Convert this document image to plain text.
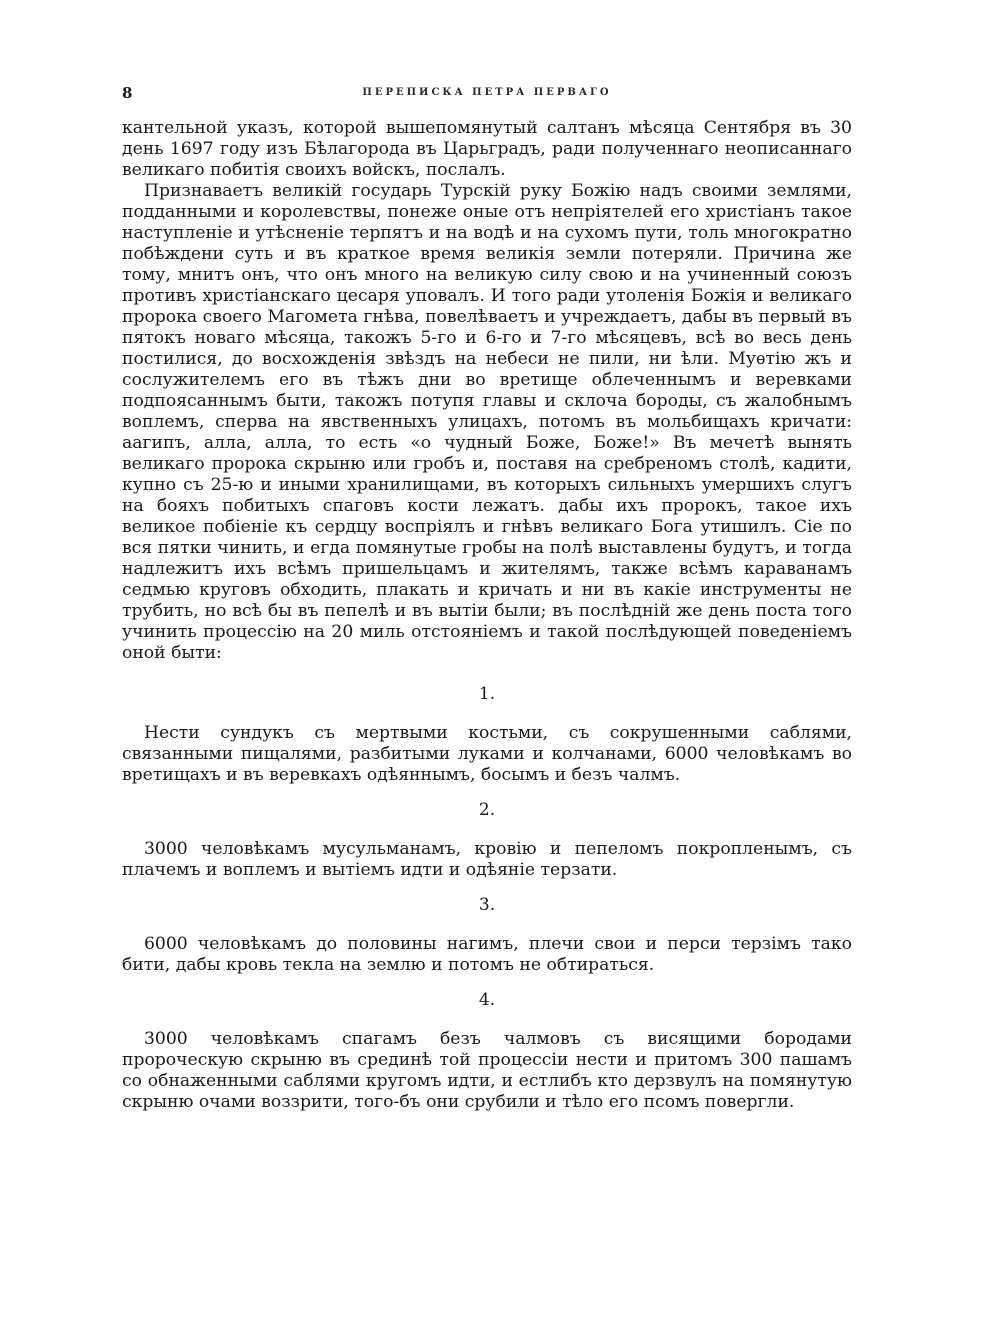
8	ПЕРЕПИСКА ПЕТРА ПЕРВАГО

кантельной указъ, которой вышепомянутый салтанъ мѣсяца Сентября въ 30 день 1697 году изъ Бѣлагорода въ Царьградъ, ради полученнаго неописаннаго великаго побитія своихъ войскъ, послалъ.

Признаваетъ великій государь Турскій руку Божію надъ своими землями, подданными и королевствы, понеже оные отъ непріятелей его христіанъ такое наступленіе и утѣсненіе терпятъ и на водѣ и на сухомъ пути, толь многократно побѣждени суть и въ краткое время великія земли потеряли. Причина же тому, мнитъ онъ, что онъ много на великую силу свою и на учиненный союзъ противъ христіанскаго цесаря уповалъ. И того ради утоленія Божія и великаго пророка своего Магомета гнѣва, повелѣваетъ и учреждаетъ, дабы въ первый въ пятокъ новаго мѣсяца, такожъ 5-го и 6-го и 7-го мѣсяцевъ, всѣ во весь день постилися, до восхожденія звѣздъ на небеси не пили, ни ѣли. Муѳтію жъ и сослужителемъ его въ тѣжъ дни во вретище облеченнымъ и веревками подпоясаннымъ быти, такожъ потупя главы и склоча бороды, съ жалобнымъ воплемъ, сперва на явственныхъ улицахъ, потомъ въ мольбищахъ кричати: аагипъ, алла, алла, то есть «о чудный Боже, Боже!» Въ мечетѣ вынять великаго пророка скрыню или гробъ и, поставя на сребреномъ столѣ, кадити, купно съ 25-ю и иными хранилищами, въ которыхъ сильныхъ умершихъ слугъ на бояхъ побитыхъ спаговъ кости лежатъ. дабы ихъ пророкъ, такое ихъ великое побіеніе къ сердцу воспріялъ и гнѣвъ великаго Бога утишилъ. Сіе по вся пятки чинить, и егда помянутые гробы на полѣ выставлены будутъ, и тогда надлежитъ ихъ всѣмъ пришельцамъ и жителямъ, также всѣмъ караванамъ седмью круговъ обходить, плакать и кричать и ни въ какіе инструменты не трубить, но всѣ бы въ пепелѣ и въ вытіи были; въ послѣдній же день поста того учинить процессію на 20 миль отстояніемъ и такой послѣдующей поведеніемъ оной быти:

1.

Нести сундукъ съ мертвыми костьми, съ сокрушенными саблями, связанными пищалями, разбитыми луками и колчанами, 6000 человѣкамъ во вретищахъ и въ веревкахъ одѣяннымъ, босымъ и безъ чалмъ.

2.

3000 человѣкамъ мусульманамъ, кровію и пепеломъ покропленымъ, съ плачемъ и воплемъ и вытіемъ идти и одѣяніе терзати.

3.

6000 человѣкамъ до половины нагимъ, плечи свои и перси терзімъ тако бити, дабы кровь текла на землю и потомъ не обтираться.

4.

3000 человѣкамъ спагамъ безъ чалмовъ съ висящими бородами пророческую скрыню въ срединѣ той процессіи нести и притомъ 300 пашамъ со обнаженными саблями кругомъ идти, и естлибъ кто дерзвулъ на помянутую скрыню очами воззрити, того-бъ они срубили и тѣло его псомъ повергли.
